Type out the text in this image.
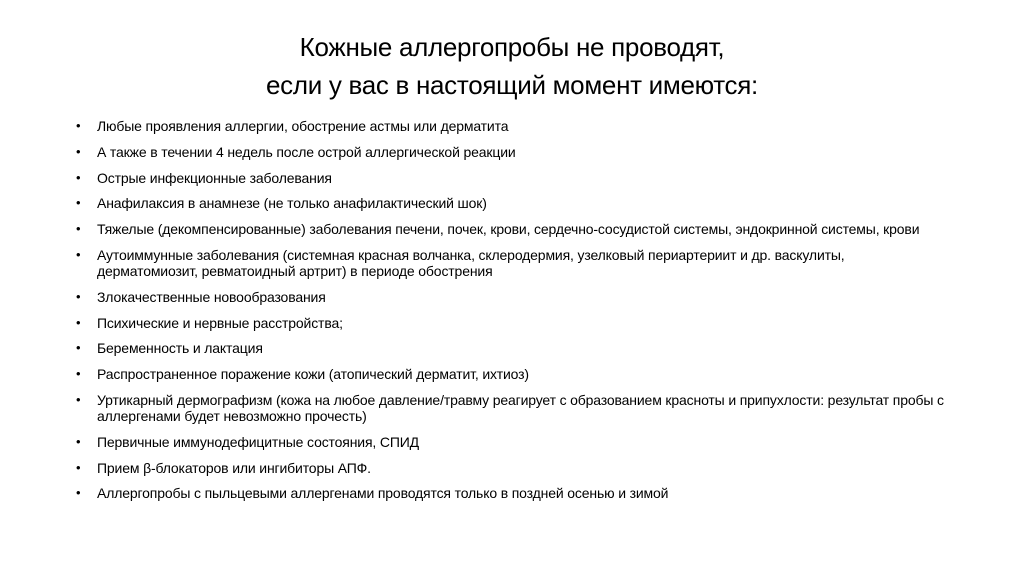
Кожные аллергопробы не проводят,
если у вас в настоящий момент имеются:
• Любые проявления аллергии, обострение астмы или дерматита
• А также в течении 4 недель после острой аллергической реакции
• Острые инфекционные заболевания
• Анафилаксия в анамнезе (не только анафилактический шок)
• Тяжелые (декомпенсированные) заболевания печени, почек, крови, сердечно-сосудистой системы, эндокринной системы, крови
• Аутоиммунные заболевания (системная красная волчанка, склеродермия, узелковый периартериит и др. васкулиты, дерматомиозит, ревматоидный артрит) в периоде обострения
• Злокачественные новообразования
• Психические и нервные расстройства;
• Беременность и лактация
• Распространенное поражение кожи (атопический дерматит, ихтиоз)
• Уртикарный дермографизм (кожа на любое давление/травму реагирует с образованием красноты и припухлости: результат пробы с аллергенами будет невозможно прочесть)
• Первичные иммунодефицитные состояния, СПИД
• Прием β-блокаторов или ингибиторы АПФ.
• Аллергопробы с пыльцевыми аллергенами проводятся только в поздней осенью и зимой
